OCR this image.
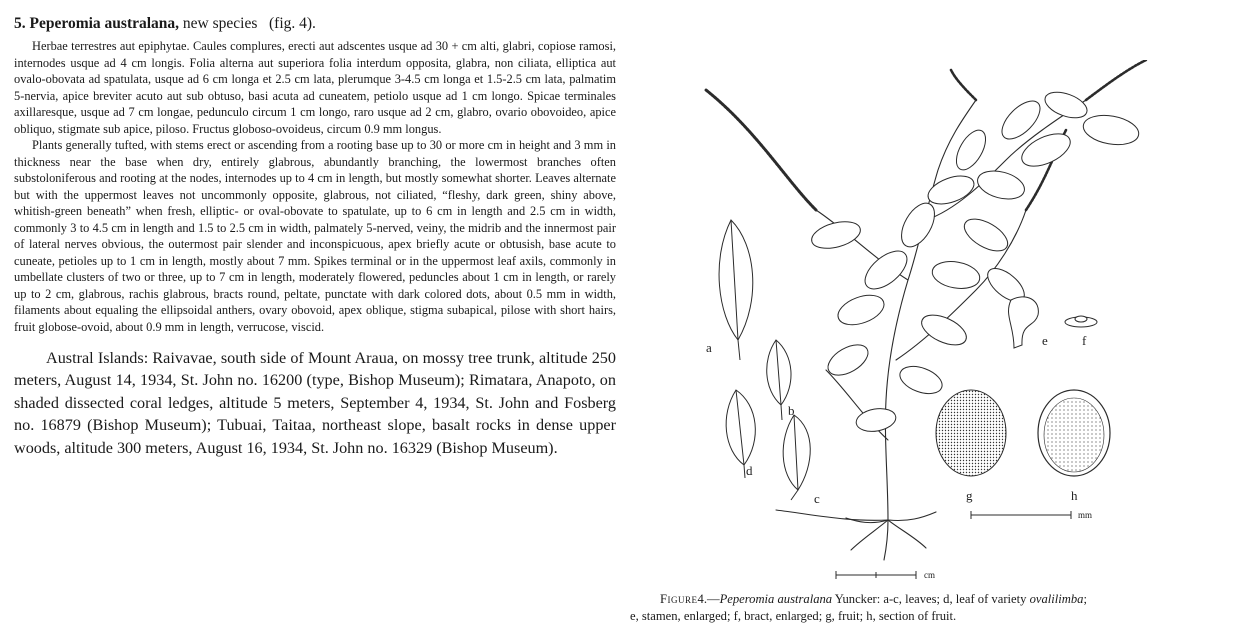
5. Peperomia australana, new species (fig. 4).

Herbae terrestres aut epiphytae. Caules complures, erecti aut adscentes usque ad 30 + cm alti, glabri, copiose ramosi, internodes usque ad 4 cm longis. Folia alterna aut superiora folia interdum opposita, glabra, non ciliata, elliptica aut ovalo-obovata ad spatulata, usque ad 6 cm longa et 2.5 cm lata, plerumque 3-4.5 cm longa et 1.5-2.5 cm lata, palmatim 5-nervia, apice breviter acuto aut sub obtuso, basi acuta ad cuneatem, petiolo usque ad 1 cm longo. Spicae terminales axillaresque, usque ad 7 cm longae, pedunculo circum 1 cm longo, raro usque ad 2 cm, glabro, ovario obovoideo, apice obliquo, stigmate sub apice, piloso. Fructus globoso-ovoideus, circum 0.9 mm longus.

Plants generally tufted, with stems erect or ascending from a rooting base up to 30 or more cm in height and 3 mm in thickness near the base when dry, entirely glabrous, abundantly branching, the lowermost branches often substoloniferous and rooting at the nodes, internodes up to 4 cm in length, but mostly somewhat shorter. Leaves alternate but with the uppermost leaves not uncommonly opposite, glabrous, not ciliated, “fleshy, dark green, shiny above, whitish-green beneath” when fresh, elliptic- or oval-obovate to spatulate, up to 6 cm in length and 2.5 cm in width, commonly 3 to 4.5 cm in length and 1.5 to 2.5 cm in width, palmately 5-nerved, veiny, the midrib and the innermost pair of lateral nerves obvious, the outermost pair slender and inconspicuous, apex briefly acute or obtusish, base acute to cuneate, petioles up to 1 cm in length, mostly about 7 mm. Spikes terminal or in the uppermost leaf axils, commonly in umbellate clusters of two or three, up to 7 cm in length, moderately flowered, peduncles about 1 cm in length, or rarely up to 2 cm, glabrous, rachis glabrous, bracts round, peltate, punctate with dark colored dots, about 0.5 mm in width, filaments about equaling the ellipsoidal anthers, ovary obovoid, apex oblique, stigma subapical, pilose with short hairs, fruit globose-ovoid, about 0.9 mm in length, verrucose, viscid.

Austral Islands: Raivavae, south side of Mount Araua, on mossy tree trunk, altitude 250 meters, August 14, 1934, St. John no. 16200 (type, Bishop Museum); Rimatara, Anapoto, on shaded dissected coral ledges, altitude 5 meters, September 4, 1934, St. John and Fosberg no. 16879 (Bishop Museum); Tubuai, Taitaa, northeast slope, basalt rocks in dense upper woods, altitude 300 meters, August 16, 1934, St. John no. 16329 (Bishop Museum).

a
b
c
d
e	f
g	h
cm
mm

Figure4.—Peperomia australana Yuncker: a-c, leaves; d, leaf of variety ovalilimba;
e, stamen, enlarged; f, bract, enlarged; g, fruit; h, section of fruit.
